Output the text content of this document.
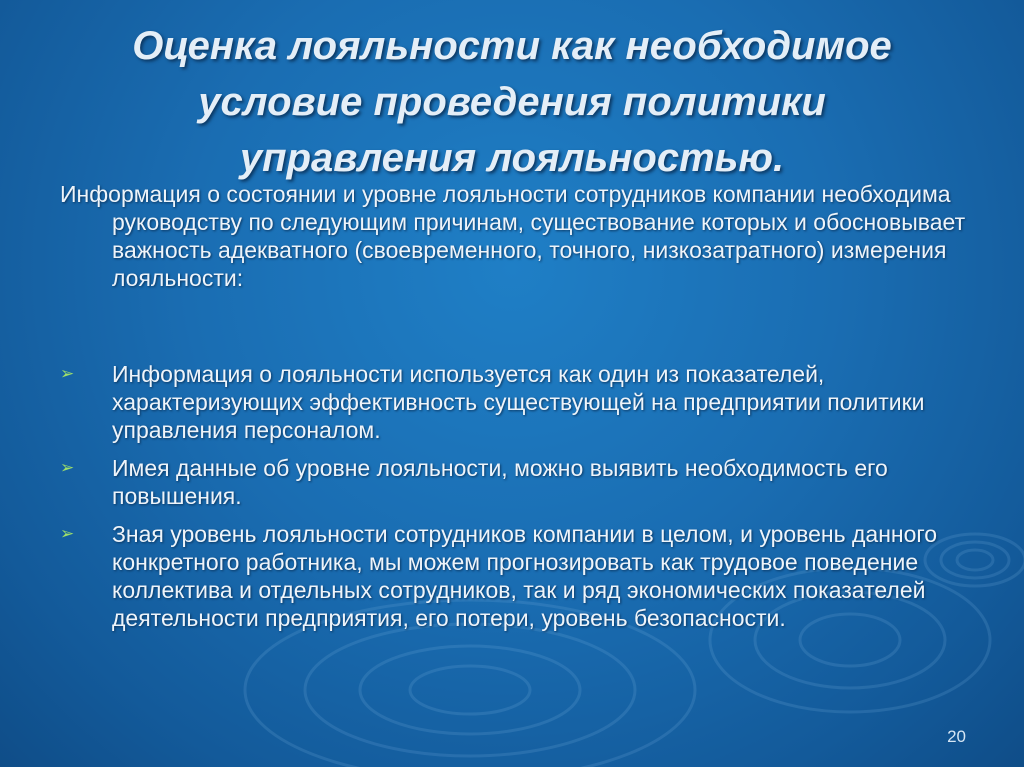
Оценка лояльности как необходимое
условие проведения политики
управления лояльностью.

Информация о состоянии и уровне лояльности сотрудников компании необходима руководству по следующим причинам, существование которых и обосновывает важность адекватного (своевременного, точного, низкозатратного) измерения лояльности:

➢ Информация о лояльности используется как один из показателей, характеризующих эффективность существующей на предприятии политики управления персоналом.
➢ Имея данные об уровне лояльности, можно выявить необходимость его повышения.
➢ Зная уровень лояльности сотрудников компании в целом, и уровень данного конкретного работника, мы можем прогнозировать как трудовое поведение коллектива и отдельных сотрудников, так и ряд экономических показателей деятельности предприятия, его потери, уровень безопасности.
20
